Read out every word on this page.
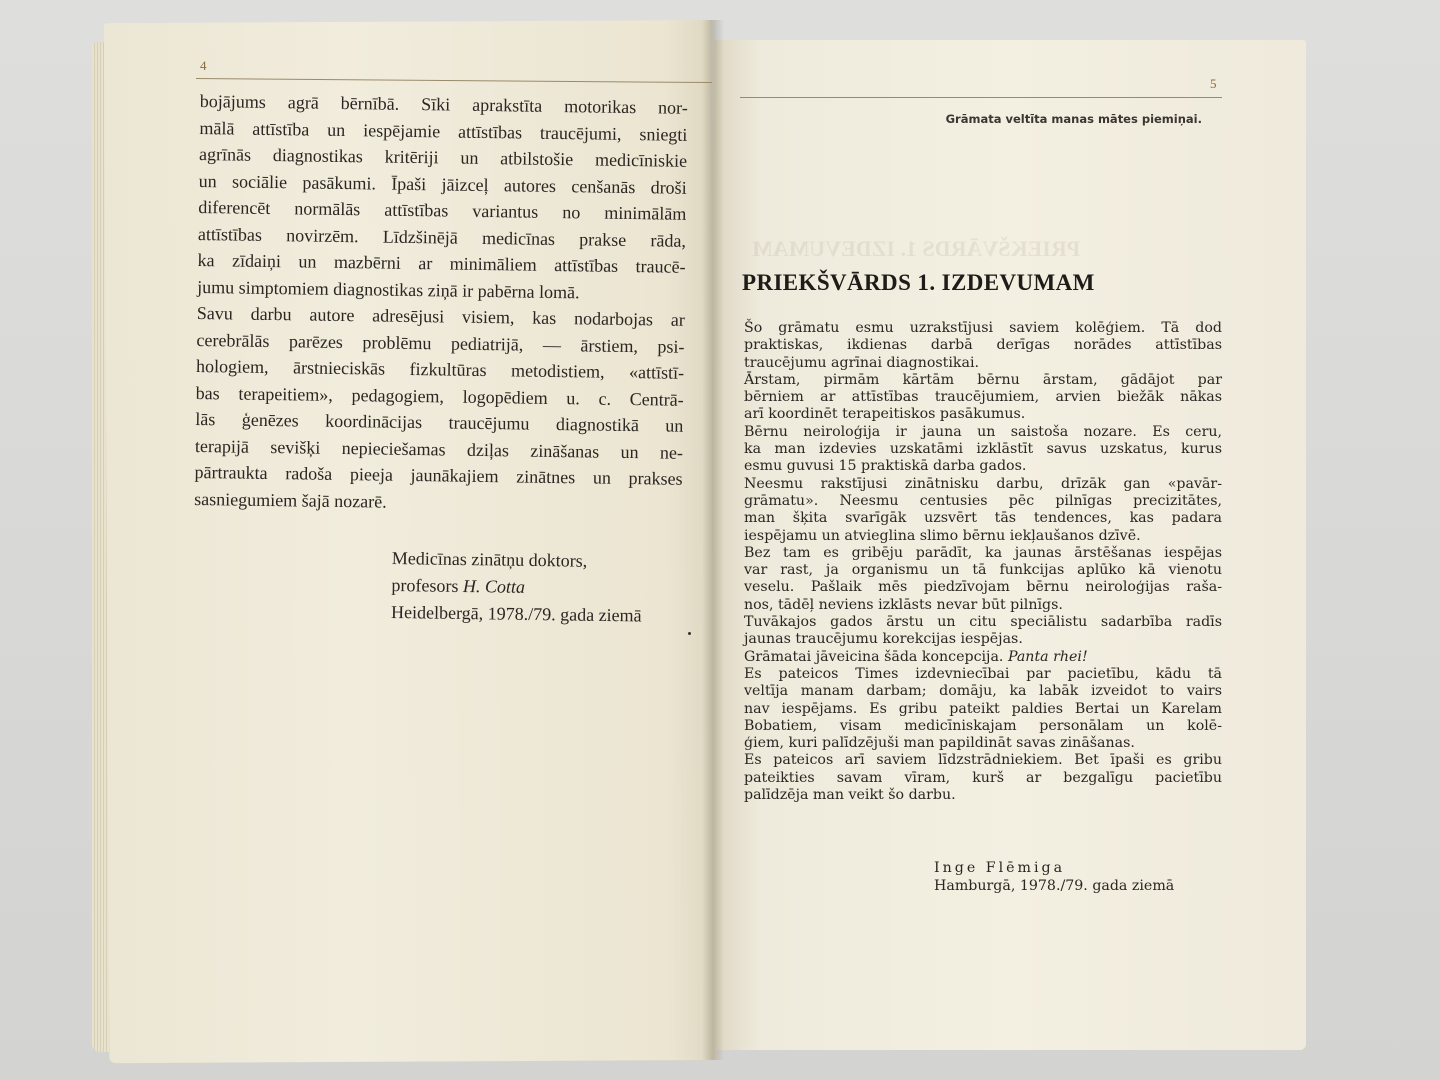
4
bojājums agrā bērnībā. Sīki aprakstīta motorikas nor-
mālā attīstība un iespējamie attīstības traucējumi, sniegti
agrīnās diagnostikas kritēriji un atbilstošie medicīniskie
un sociālie pasākumi. Īpaši jāizceļ autores cenšanās droši
diferencēt normālās attīstības variantus no minimālām
attīstības novirzēm. Līdzšinējā medicīnas prakse rāda,
ka zīdaiņi un mazbērni ar minimāliem attīstības traucē-
jumu simptomiem diagnostikas ziņā ir pabērna lomā.
Savu darbu autore adresējusi visiem, kas nodarbojas ar
cerebrālās parēzes problēmu pediatrijā, — ārstiem, psi-
hologiem, ārstnieciskās fizkultūras metodistiem, «attīstī-
bas terapeitiem», pedagogiem, logopēdiem u. c. Centrā-
lās ģenēzes koordinācijas traucējumu diagnostikā un
terapijā sevišķi nepieciešamas dziļas zināšanas un ne-
pārtraukta radoša pieeja jaunākajiem zinātnes un prakses
sasniegumiem šajā nozarē.
Medicīnas zinātņu doktors,
profesors H. Cotta
Heidelbergā, 1978./79. gada ziemā
5
Grāmata veltīta manas mātes piemiņai.
PRIEKŠVĀRDS 1. IZDEVUMAM
PRIEKŠVĀRDS 1. IZDEVUMAM
Šo grāmatu esmu uzrakstījusi saviem kolēģiem. Tā dod
praktiskas, ikdienas darbā derīgas norādes attīstības
traucējumu agrīnai diagnostikai.
Ārstam, pirmām kārtām bērnu ārstam, gādājot par
bērniem ar attīstības traucējumiem, arvien biežāk nākas
arī koordinēt terapeitiskos pasākumus.
Bērnu neiroloģija ir jauna un saistoša nozare. Es ceru,
ka man izdevies uzskatāmi izklāstīt savus uzskatus, kurus
esmu guvusi 15 praktiskā darba gados.
Neesmu rakstījusi zinātnisku darbu, drīzāk gan «pavār-
grāmatu». Neesmu centusies pēc pilnīgas precizitātes,
man šķita svarīgāk uzsvērt tās tendences, kas padara
iespējamu un atvieglina slimo bērnu iekļaušanos dzīvē.
Bez tam es gribēju parādīt, ka jaunas ārstēšanas iespējas
var rast, ja organismu un tā funkcijas aplūko kā vienotu
veselu. Pašlaik mēs piedzīvojam bērnu neiroloģijas raša-
nos, tādēļ neviens izklāsts nevar būt pilnīgs.
Tuvākajos gados ārstu un citu speciālistu sadarbība radīs
jaunas traucējumu korekcijas iespējas.
Grāmatai jāveicina šāda koncepcija. Panta rhei!
Es pateicos Times izdevniecībai par pacietību, kādu tā
veltīja manam darbam; domāju, ka labāk izveidot to vairs
nav iespējams. Es gribu pateikt paldies Bertai un Karelam
Bobatiem, visam medicīniskajam personālam un kolē-
ģiem, kuri palīdzējuši man papildināt savas zināšanas.
Es pateicos arī saviem līdzstrādniekiem. Bet īpaši es gribu
pateikties savam vīram, kurš ar bezgalīgu pacietību
palīdzēja man veikt šo darbu.
Inge Flēmiga
Hamburgā, 1978./79. gada ziemā
